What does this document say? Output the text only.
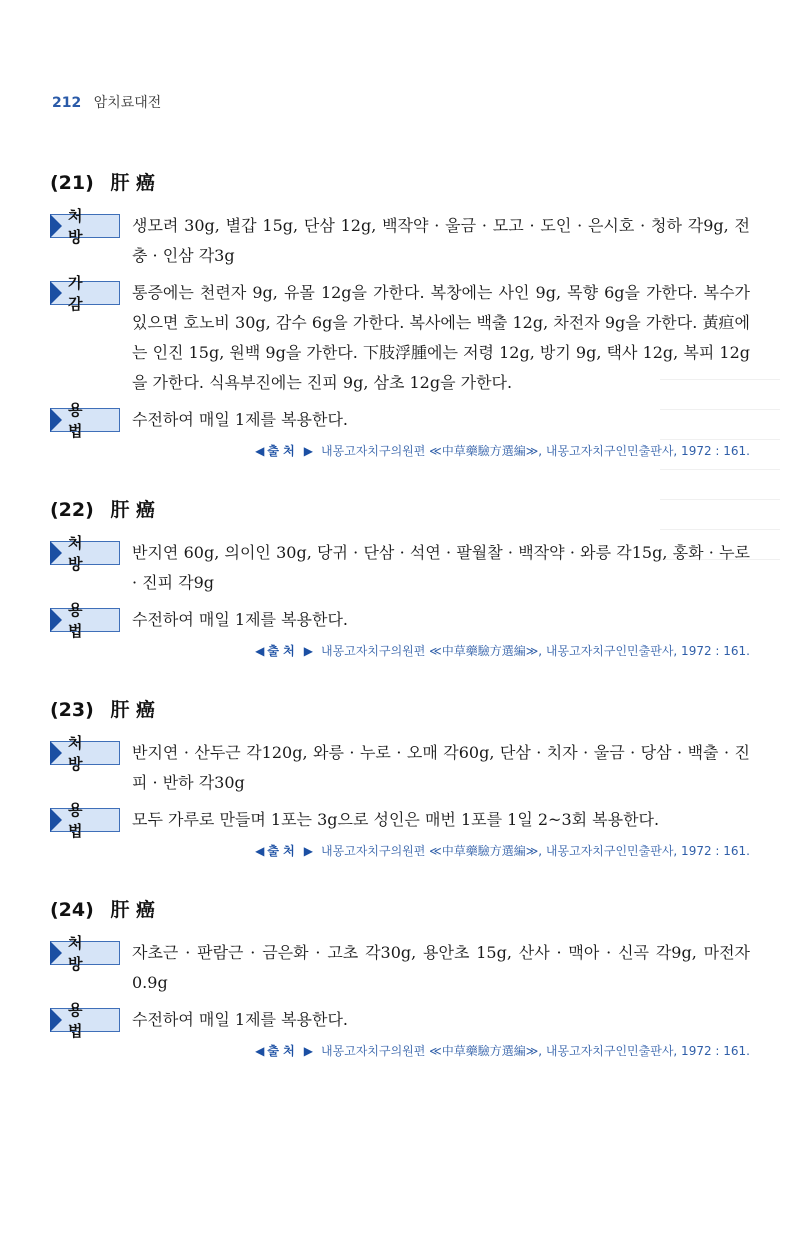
212 암치료대전
(21) 肝 癌
처 방
생모려 30g, 별갑 15g, 단삼 12g, 백작약 · 울금 · 모고 · 도인 · 은시호 · 청하 각9g, 전충 · 인삼 각3g
가 감
통증에는 천련자 9g, 유몰 12g을 가한다. 복창에는 사인 9g, 목향 6g을 가한다. 복수가 있으면 호노비 30g, 감수 6g을 가한다. 복사에는 백출 12g, 차전자 9g을 가한다. 黃疸에는 인진 15g, 원백 9g을 가한다. 下肢浮腫에는 저령 12g, 방기 9g, 택사 12g, 복피 12g을 가한다. 식욕부진에는 진피 9g, 삼초 12g을 가한다.
용 법
수전하여 매일 1제를 복용한다.
◀ 출 처 ▶ 내몽고자치구의원편 ≪中草藥驗方選編≫, 내몽고자치구인민출판사, 1972 : 161.
(22) 肝 癌
처 방
반지연 60g, 의이인 30g, 당귀 · 단삼 · 석연 · 팔월찰 · 백작약 · 와릉 각15g, 홍화 · 누로 · 진피 각9g
용 법
수전하여 매일 1제를 복용한다.
◀ 출 처 ▶ 내몽고자치구의원편 ≪中草藥驗方選編≫, 내몽고자치구인민출판사, 1972 : 161.
(23) 肝 癌
처 방
반지연 · 산두근 각120g, 와릉 · 누로 · 오매 각60g, 단삼 · 치자 · 울금 · 당삼 · 백출 · 진피 · 반하 각30g
용 법
모두 가루로 만들며 1포는 3g으로 성인은 매번 1포를 1일 2~3회 복용한다.
◀ 출 처 ▶ 내몽고자치구의원편 ≪中草藥驗方選編≫, 내몽고자치구인민출판사, 1972 : 161.
(24) 肝 癌
처 방
자초근 · 판람근 · 금은화 · 고초 각30g, 용안초 15g, 산사 · 맥아 · 신곡 각9g, 마전자 0.9g
용 법
수전하여 매일 1제를 복용한다.
◀ 출 처 ▶ 내몽고자치구의원편 ≪中草藥驗方選編≫, 내몽고자치구인민출판사, 1972 : 161.
